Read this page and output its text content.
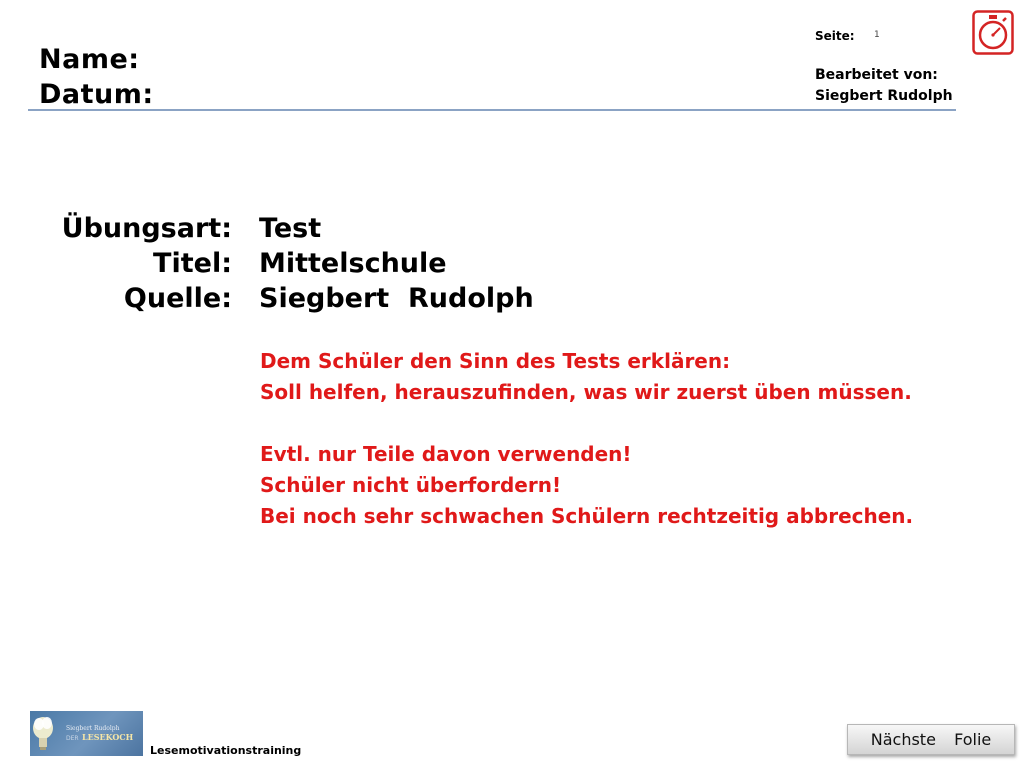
Name:
Datum:
Seite: 1
Bearbeitet von:
Siegbert Rudolph
Übungsart: Test
Titel: Mittelschule
Quelle: Siegbert  Rudolph
Dem Schüler den Sinn des Tests erklären:
Soll helfen, herauszufinden, was wir zuerst üben müssen.
Evtl. nur Teile davon verwenden!
Schüler nicht überfordern!
Bei noch sehr schwachen Schülern rechtzeitig abbrechen.
Siegbert Rudolph
DER LESEKOCH
Lesemotivationstraining
Nächste  Folie
